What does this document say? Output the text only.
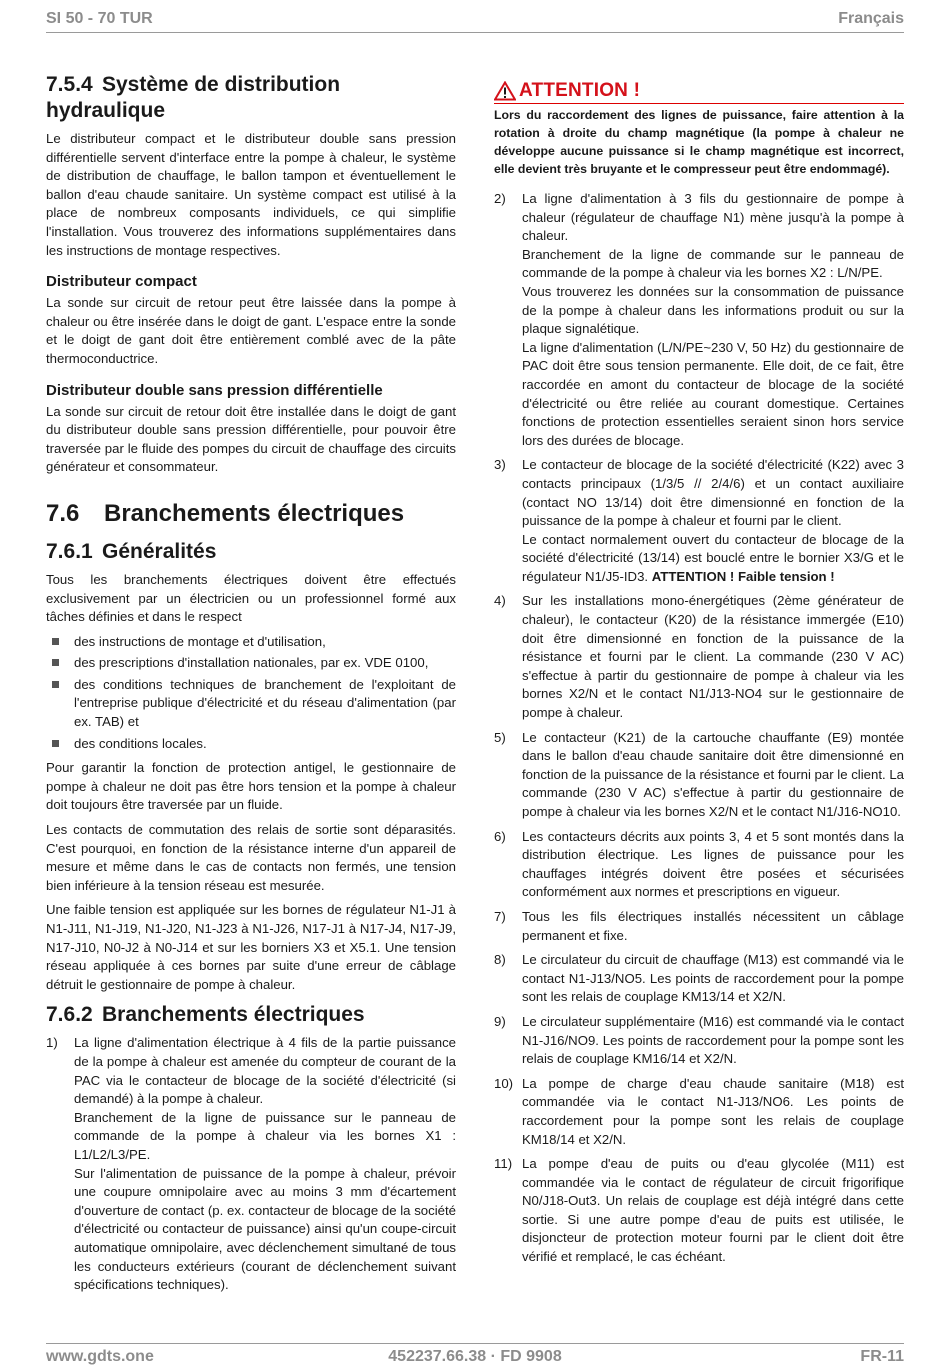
SI 50 - 70 TUR	Français
7.5.4 Système de distribution hydraulique

Le distributeur compact et le distributeur double sans pression différentielle servent d'interface entre la pompe à chaleur, le système de distribution de chauffage, le ballon tampon et éventuellement le ballon d'eau chaude sanitaire. Un système compact est utilisé à la place de nombreux composants individuels, ce qui simplifie l'installation. Vous trouverez des informations supplémentaires dans les instructions de montage respectives.

Distributeur compact

La sonde sur circuit de retour peut être laissée dans la pompe à chaleur ou être insérée dans le doigt de gant. L'espace entre la sonde et le doigt de gant doit être entièrement comblé avec de la pâte thermoconductrice.

Distributeur double sans pression différentielle

La sonde sur circuit de retour doit être installée dans le doigt de gant du distributeur double sans pression différentielle, pour pouvoir être traversée par le fluide des pompes du circuit de chauffage des circuits générateur et consommateur.

7.6 Branchements électriques
7.6.1 Généralités

Tous les branchements électriques doivent être effectués exclusivement par un électricien ou un professionnel formé aux tâches définies et dans le respect

des instructions de montage et d'utilisation,
des prescriptions d'installation nationales, par ex. VDE 0100,
des conditions techniques de branchement de l'exploitant de l'entreprise publique d'électricité et du réseau d'alimentation (par ex. TAB) et
des conditions locales.

Pour garantir la fonction de protection antigel, le gestionnaire de pompe à chaleur ne doit pas être hors tension et la pompe à chaleur doit toujours être traversée par un fluide.

Les contacts de commutation des relais de sortie sont déparasités. C'est pourquoi, en fonction de la résistance interne d'un appareil de mesure et même dans le cas de contacts non fermés, une tension bien inférieure à la tension réseau est mesurée.

Une faible tension est appliquée sur les bornes de régulateur N1-J1 à N1-J11, N1-J19, N1-J20, N1-J23 à N1-J26, N17-J1 à N17-J4, N17-J9, N17-J10, N0-J2 à N0-J14 et sur les borniers X3 et X5.1. Une tension réseau appliquée à ces bornes par suite d'une erreur de câblage détruit le gestionnaire de pompe à chaleur.

7.6.2 Branchements électriques
1) La ligne d'alimentation électrique à 4 fils de la partie puissance de la pompe à chaleur est amenée du compteur de courant de la PAC via le contacteur de blocage de la société d'électricité (si demandé) à la pompe à chaleur.

Branchement de la ligne de puissance sur le panneau de commande de la pompe à chaleur via les bornes X1 : L1/L2/L3/PE.

Sur l'alimentation de puissance de la pompe à chaleur, prévoir une coupure omnipolaire avec au moins 3 mm d'écartement d'ouverture de contact (p. ex. contacteur de blocage de la société d'électricité ou contacteur de puissance) ainsi qu'un coupe-circuit automatique omnipolaire, avec déclenchement simultané de tous les conducteurs extérieurs (courant de déclenchement suivant spécifications techniques).

ATTENTION !
Lors du raccordement des lignes de puissance, faire attention à la rotation à droite du champ magnétique (la pompe à chaleur ne développe aucune puissance si le champ magnétique est incorrect, elle devient très bruyante et le compresseur peut être endommagé).
2) La ligne d'alimentation à 3 fils du gestionnaire de pompe à chaleur (régulateur de chauffage N1) mène jusqu'à la pompe à chaleur.

Branchement de la ligne de commande sur le panneau de commande de la pompe à chaleur via les bornes X2 : L/N/PE.

Vous trouverez les données sur la consommation de puissance de la pompe à chaleur dans les informations produit ou sur la plaque signalétique.

La ligne d'alimentation (L/N/PE~230 V, 50 Hz) du gestionnaire de PAC doit être sous tension permanente. Elle doit, de ce fait, être raccordée en amont du contacteur de blocage de la société d'électricité ou être reliée au courant domestique. Certaines fonctions de protection essentielles seraient sinon hors service lors des durées de blocage.

3) Le contacteur de blocage de la société d'électricité (K22) avec 3 contacts principaux (1/3/5 // 2/4/6) et un contact auxiliaire (contact NO 13/14) doit être dimensionné en fonction de la puissance de la pompe à chaleur et fourni par le client.

Le contact normalement ouvert du contacteur de blocage de la société d'électricité (13/14) est bouclé entre le bornier X3/G et le régulateur N1/J5-ID3. ATTENTION ! Faible tension !

4) Sur les installations mono-énergétiques (2ème générateur de chaleur), le contacteur (K20) de la résistance immergée (E10) doit être dimensionné en fonction de la puissance de la résistance et fourni par le client. La commande (230 V AC) s'effectue à partir du gestionnaire de pompe à chaleur via les bornes X2/N et le contact N1/J13-NO4 sur le gestionnaire de pompe à chaleur.

5) Le contacteur (K21) de la cartouche chauffante (E9) montée dans le ballon d'eau chaude sanitaire doit être dimensionné en fonction de la puissance de la résistance et fourni par le client. La commande (230 V AC) s'effectue à partir du gestionnaire de pompe à chaleur via les bornes X2/N et le contact N1/J16-NO10.

6) Les contacteurs décrits aux points 3, 4 et 5 sont montés dans la distribution électrique. Les lignes de puissance pour les chauffages intégrés doivent être posées et sécurisées conformément aux normes et prescriptions en vigueur.

7) Tous les fils électriques installés nécessitent un câblage permanent et fixe.

8) Le circulateur du circuit de chauffage (M13) est commandé via le contact N1-J13/NO5. Les points de raccordement pour la pompe sont les relais de couplage KM13/14 et X2/N.

9) Le circulateur supplémentaire (M16) est commandé via le contact N1-J16/NO9. Les points de raccordement pour la pompe sont les relais de couplage KM16/14 et X2/N.

10) La pompe de charge d'eau chaude sanitaire (M18) est commandée via le contact N1-J13/NO6. Les points de raccordement pour la pompe sont les relais de couplage KM18/14 et X2/N.

11) La pompe d'eau de puits ou d'eau glycolée (M11) est commandée via le contact de régulateur de circuit frigorifique N0/J18-Out3. Un relais de couplage est déjà intégré dans cette sortie. Si une autre pompe d'eau de puits est utilisée, le disjoncteur de protection moteur fourni par le client doit être vérifié et remplacé, le cas échéant.

www.gdts.one	452237.66.38 · FD 9908	FR-11
